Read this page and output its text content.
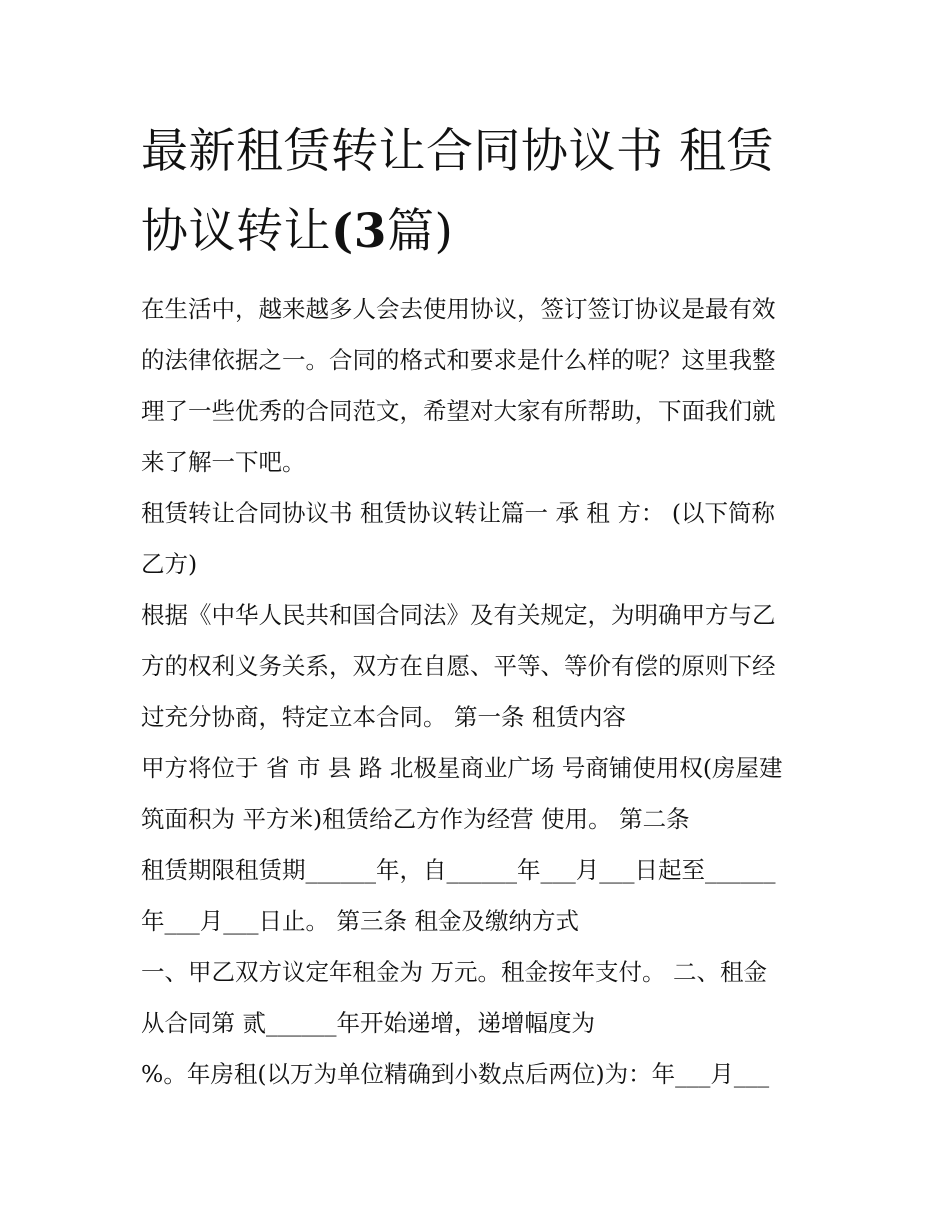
最新租赁转让合同协议书 租赁
协议转让(3篇)

在生活中，越来越多人会去使用协议，签订签订协议是最有效
的法律依据之一。合同的格式和要求是什么样的呢？这里我整
理了一些优秀的合同范文，希望对大家有所帮助，下面我们就
来了解一下吧。

租赁转让合同协议书 租赁协议转让篇一 承 租 方： (以下简称
乙方)

根据《中华人民共和国合同法》及有关规定，为明确甲方与乙
方的权利义务关系，双方在自愿、平等、等价有偿的原则下经
过充分协商，特定立本合同。 第一条 租赁内容

甲方将位于 省 市 县 路 北极星商业广场 号商铺使用权(房屋建
筑面积为 平方米)租赁给乙方作为经营 使用。 第二条

租赁期限租赁期______年，自______年___月___日起至______
年___月___日止。 第三条 租金及缴纳方式

一、甲乙双方议定年租金为 万元。租金按年支付。 二、租金
从合同第 贰______年开始递增，递增幅度为

%。年房租(以万为单位精确到小数点后两位)为：年___月___
